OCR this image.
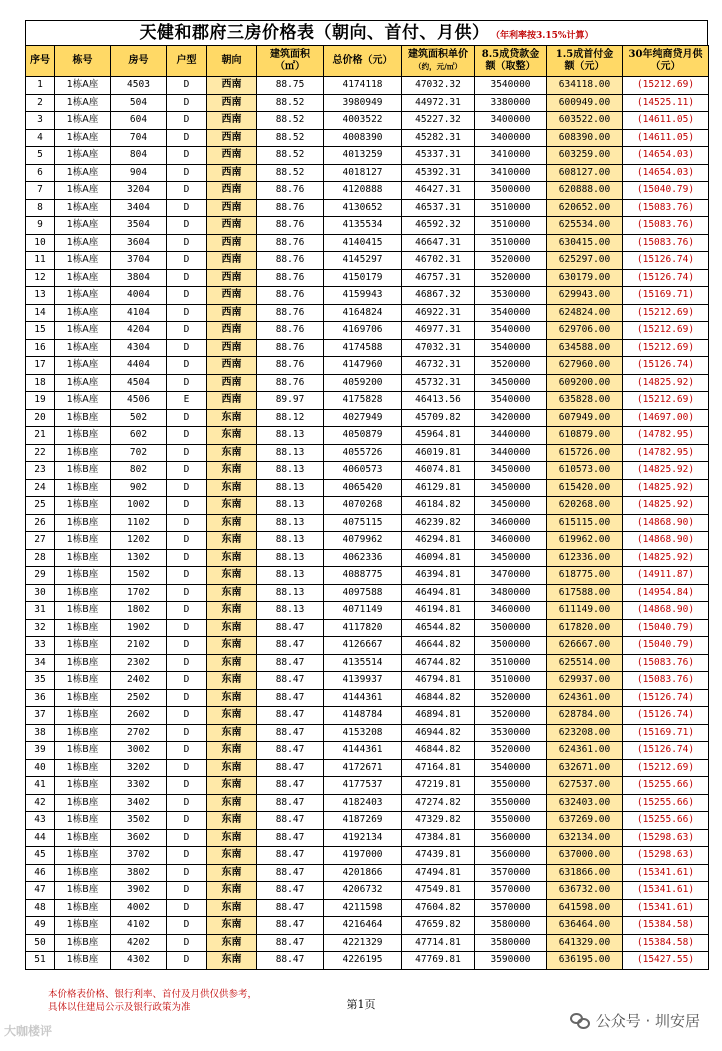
天健和郡府三房价格表（朝向、首付、月供） （年利率按3.15%计算）
序号	栋号	房号	户型	朝向	建筑面积
（㎡）	总价格（元）	建筑面积单价
（约，元/㎡）	8.5成贷款金
额（取整）	1.5成首付金
额（元）	30年纯商贷月供
（元）
1	1栋A座	4503	D	西南	88.75	4174118	47032.32	3540000	634118.00	(15212.69)
2	1栋A座	504	D	西南	88.52	3980949	44972.31	3380000	600949.00	(14525.11)
3	1栋A座	604	D	西南	88.52	4003522	45227.32	3400000	603522.00	(14611.05)
4	1栋A座	704	D	西南	88.52	4008390	45282.31	3400000	608390.00	(14611.05)
5	1栋A座	804	D	西南	88.52	4013259	45337.31	3410000	603259.00	(14654.03)
6	1栋A座	904	D	西南	88.52	4018127	45392.31	3410000	608127.00	(14654.03)
7	1栋A座	3204	D	西南	88.76	4120888	46427.31	3500000	620888.00	(15040.79)
8	1栋A座	3404	D	西南	88.76	4130652	46537.31	3510000	620652.00	(15083.76)
9	1栋A座	3504	D	西南	88.76	4135534	46592.32	3510000	625534.00	(15083.76)
10	1栋A座	3604	D	西南	88.76	4140415	46647.31	3510000	630415.00	(15083.76)
11	1栋A座	3704	D	西南	88.76	4145297	46702.31	3520000	625297.00	(15126.74)
12	1栋A座	3804	D	西南	88.76	4150179	46757.31	3520000	630179.00	(15126.74)
13	1栋A座	4004	D	西南	88.76	4159943	46867.32	3530000	629943.00	(15169.71)
14	1栋A座	4104	D	西南	88.76	4164824	46922.31	3540000	624824.00	(15212.69)
15	1栋A座	4204	D	西南	88.76	4169706	46977.31	3540000	629706.00	(15212.69)
16	1栋A座	4304	D	西南	88.76	4174588	47032.31	3540000	634588.00	(15212.69)
17	1栋A座	4404	D	西南	88.76	4147960	46732.31	3520000	627960.00	(15126.74)
18	1栋A座	4504	D	西南	88.76	4059200	45732.31	3450000	609200.00	(14825.92)
19	1栋A座	4506	E	西南	89.97	4175828	46413.56	3540000	635828.00	(15212.69)
20	1栋B座	502	D	东南	88.12	4027949	45709.82	3420000	607949.00	(14697.00)
21	1栋B座	602	D	东南	88.13	4050879	45964.81	3440000	610879.00	(14782.95)
22	1栋B座	702	D	东南	88.13	4055726	46019.81	3440000	615726.00	(14782.95)
23	1栋B座	802	D	东南	88.13	4060573	46074.81	3450000	610573.00	(14825.92)
24	1栋B座	902	D	东南	88.13	4065420	46129.81	3450000	615420.00	(14825.92)
25	1栋B座	1002	D	东南	88.13	4070268	46184.82	3450000	620268.00	(14825.92)
26	1栋B座	1102	D	东南	88.13	4075115	46239.82	3460000	615115.00	(14868.90)
27	1栋B座	1202	D	东南	88.13	4079962	46294.81	3460000	619962.00	(14868.90)
28	1栋B座	1302	D	东南	88.13	4062336	46094.81	3450000	612336.00	(14825.92)
29	1栋B座	1502	D	东南	88.13	4088775	46394.81	3470000	618775.00	(14911.87)
30	1栋B座	1702	D	东南	88.13	4097588	46494.81	3480000	617588.00	(14954.84)
31	1栋B座	1802	D	东南	88.13	4071149	46194.81	3460000	611149.00	(14868.90)
32	1栋B座	1902	D	东南	88.47	4117820	46544.82	3500000	617820.00	(15040.79)
33	1栋B座	2102	D	东南	88.47	4126667	46644.82	3500000	626667.00	(15040.79)
34	1栋B座	2302	D	东南	88.47	4135514	46744.82	3510000	625514.00	(15083.76)
35	1栋B座	2402	D	东南	88.47	4139937	46794.81	3510000	629937.00	(15083.76)
36	1栋B座	2502	D	东南	88.47	4144361	46844.82	3520000	624361.00	(15126.74)
37	1栋B座	2602	D	东南	88.47	4148784	46894.81	3520000	628784.00	(15126.74)
38	1栋B座	2702	D	东南	88.47	4153208	46944.82	3530000	623208.00	(15169.71)
39	1栋B座	3002	D	东南	88.47	4144361	46844.82	3520000	624361.00	(15126.74)
40	1栋B座	3202	D	东南	88.47	4172671	47164.81	3540000	632671.00	(15212.69)
41	1栋B座	3302	D	东南	88.47	4177537	47219.81	3550000	627537.00	(15255.66)
42	1栋B座	3402	D	东南	88.47	4182403	47274.82	3550000	632403.00	(15255.66)
43	1栋B座	3502	D	东南	88.47	4187269	47329.82	3550000	637269.00	(15255.66)
44	1栋B座	3602	D	东南	88.47	4192134	47384.81	3560000	632134.00	(15298.63)
45	1栋B座	3702	D	东南	88.47	4197000	47439.81	3560000	637000.00	(15298.63)
46	1栋B座	3802	D	东南	88.47	4201866	47494.81	3570000	631866.00	(15341.61)
47	1栋B座	3902	D	东南	88.47	4206732	47549.81	3570000	636732.00	(15341.61)
48	1栋B座	4002	D	东南	88.47	4211598	47604.82	3570000	641598.00	(15341.61)
49	1栋B座	4102	D	东南	88.47	4216464	47659.82	3580000	636464.00	(15384.58)
50	1栋B座	4202	D	东南	88.47	4221329	47714.81	3580000	641329.00	(15384.58)
51	1栋B座	4302	D	东南	88.47	4226195	47769.81	3590000	636195.00	(15427.55)
本价格表价格、银行利率、首付及月供仅供参考，
具体以住建局公示及银行政策为准	第1页
大咖楼评
公众号 · 圳安居
